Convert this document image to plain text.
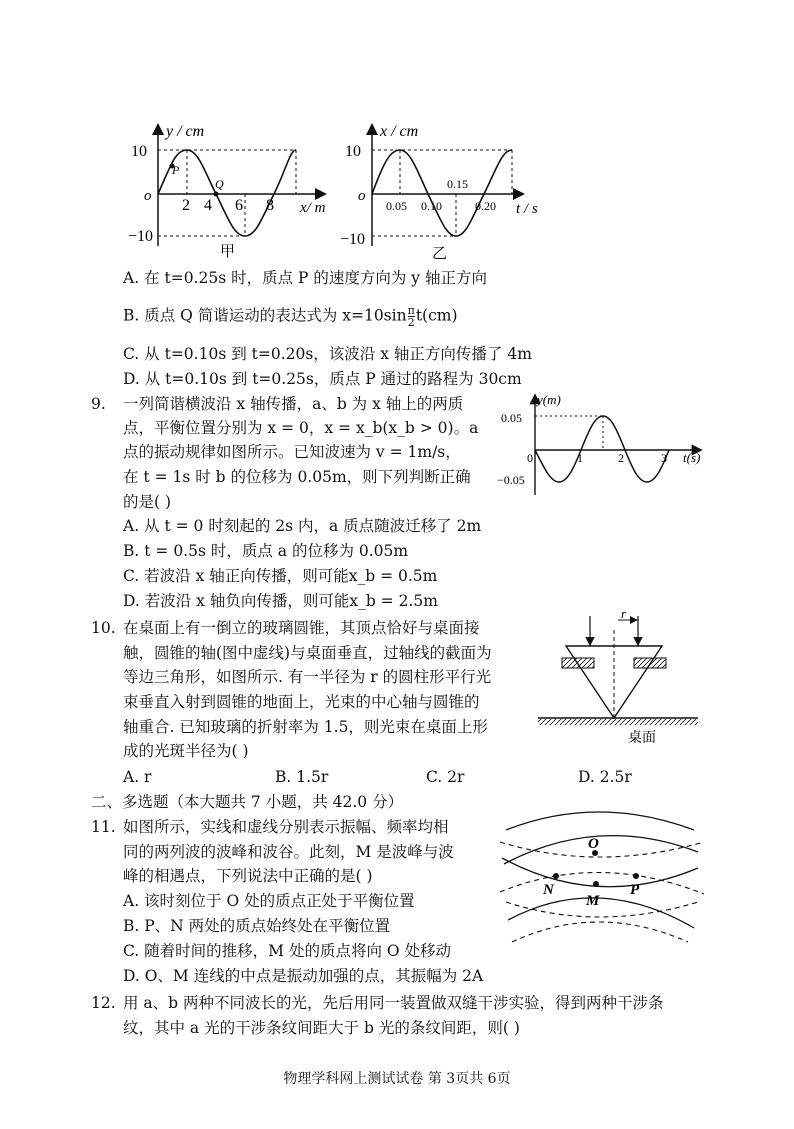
y / cm
10
−10
o
P
Q
2 4 6 8 x/ m
甲
x / cm
10
−10
o
0.05 0.10
0.15
0.20 t / s
乙
A. 在 t=0.25s 时，质点 P 的速度方向为 y 轴正方向
B. 质点 Q 简谐运动的表达式为 $x=10\sin \frac{\pi}{2} t(cm)$
C. 从 t=0.10s 到 t=0.20s，该波沿 x 轴正方向传播了 4m
D. 从 t=0.10s 到 t=0.25s，质点 P 通过的路程为 30cm
9. 一列简谐横波沿 x 轴传播，a、b 为 x 轴上的两质
点，平衡位置分别为 x = 0，x = x_b(x_b > 0)。a
点的振动规律如图所示。已知波速为 v = 1m/s，
在 t = 1s 时 b 的位移为 0.05m，则下列判断正确
的是( )
A. 从 t = 0 时刻起的 2s 内，a 质点随波迁移了 2m
B. t = 0.5s 时，质点 a 的位移为 0.05m
C. 若波沿 x 轴正向传播，则可能x_b = 0.5m
D. 若波沿 x 轴负向传播，则可能x_b = 2.5m
y(m)
0.05
−0.05
0	1	2	3 t(s)
10. 在桌面上有一倒立的玻璃圆锥，其顶点恰好与桌面接
触，圆锥的轴(图中虚线)与桌面垂直，过轴线的截面为
等边三角形，如图所示. 有一半径为 r 的圆柱形平行光
束垂直入射到圆锥的地面上，光束的中心轴与圆锥的
轴重合. 已知玻璃的折射率为 1.5，则光束在桌面上形
成的光斑半径为( )
A. r	B. 1.5r	C. 2r	D. 2.5r
r
桌面
二、多选题（本大题共 7 小题，共 42.0 分）
11. 如图所示，实线和虚线分别表示振幅、频率均相
同的两列波的波峰和波谷。此刻，M 是波峰与波
峰的相遇点，下列说法中正确的是( )
A. 该时刻位于 O 处的质点正处于平衡位置
B. P、N 两处的质点始终处在平衡位置
C. 随着时间的推移，M 处的质点将向 O 处移动
D. O、M 连线的中点是振动加强的点，其振幅为 2A
O
N
M
P
12. 用 a、b 两种不同波长的光，先后用同一装置做双缝干涉实验，得到两种干涉条
纹，其中 a 光的干涉条纹间距大于 b 光的条纹间距，则( )
物理学科网上测试试卷 第 3页共 6页
